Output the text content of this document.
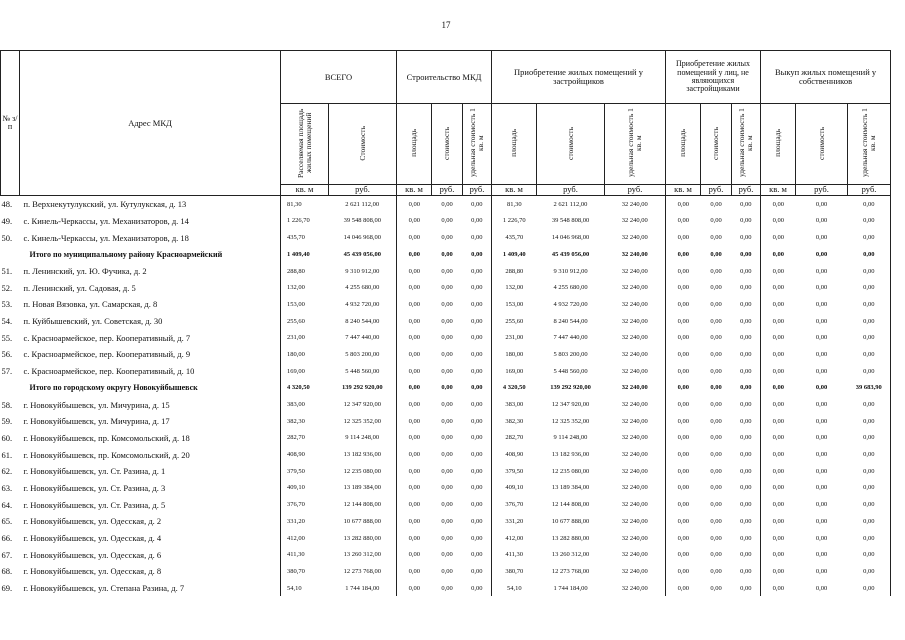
17
№ з/п	Адрес МКД	ВСЕГО		Строительство МКД			Приобретение жилых помещений у застройщиков			Приобретение жилых помещений у лиц, не являющихся застройщиками			Выкуп жилых помещений у собственников		
		Расселяемая площадь жилых помещений	Стоимость	площадь	стоимость	удельная стоимость 1 кв. м	площадь	стоимость	удельная стоимость 1 кв. м	площадь	стоимость	удельная стоимость 1 кв. м	площадь	стоимость	удельная стоимость 1 кв. м
		кв. м	руб.	кв. м	руб.	руб.	кв. м	руб.	руб.	кв. м	руб.	руб.	кв. м	руб.	руб.
48.	п. Верхнекутулукский, ул. Кутулукская, д. 13	81,30	2 621 112,00	0,00	0,00	0,00	81,30	2 621 112,00	32 240,00	0,00	0,00	0,00	0,00	0,00	0,00
49.	с. Кинель-Черкассы, ул. Механизаторов, д. 14	1 226,70	39 548 808,00	0,00	0,00	0,00	1 226,70	39 548 808,00	32 240,00	0,00	0,00	0,00	0,00	0,00	0,00
50.	с. Кинель-Черкассы, ул. Механизаторов, д. 18	435,70	14 046 968,00	0,00	0,00	0,00	435,70	14 046 968,00	32 240,00	0,00	0,00	0,00	0,00	0,00	0,00
	Итого по муниципальному району Красноармейский	1 409,40	45 439 056,00	0,00	0,00	0,00	1 409,40	45 439 056,00	32 240,00	0,00	0,00	0,00	0,00	0,00	0,00
51.	п. Ленинский, ул. Ю. Фучика, д. 2	288,80	9 310 912,00	0,00	0,00	0,00	288,80	9 310 912,00	32 240,00	0,00	0,00	0,00	0,00	0,00	0,00
52.	п. Ленинский, ул. Садовая, д. 5	132,00	4 255 680,00	0,00	0,00	0,00	132,00	4 255 680,00	32 240,00	0,00	0,00	0,00	0,00	0,00	0,00
53.	п. Новая Вязовка, ул. Самарская, д. 8	153,00	4 932 720,00	0,00	0,00	0,00	153,00	4 932 720,00	32 240,00	0,00	0,00	0,00	0,00	0,00	0,00
54.	п. Куйбышевский, ул. Советская, д. 30	255,60	8 240 544,00	0,00	0,00	0,00	255,60	8 240 544,00	32 240,00	0,00	0,00	0,00	0,00	0,00	0,00
55.	с. Красноармейское, пер. Кооперативный, д. 7	231,00	7 447 440,00	0,00	0,00	0,00	231,00	7 447 440,00	32 240,00	0,00	0,00	0,00	0,00	0,00	0,00
56.	с. Красноармейское, пер. Кооперативный, д. 9	180,00	5 803 200,00	0,00	0,00	0,00	180,00	5 803 200,00	32 240,00	0,00	0,00	0,00	0,00	0,00	0,00
57.	с. Красноармейское, пер. Кооперативный, д. 10	169,00	5 448 560,00	0,00	0,00	0,00	169,00	5 448 560,00	32 240,00	0,00	0,00	0,00	0,00	0,00	0,00
	Итого по городскому округу Новокуйбышевск	4 320,50	139 292 920,00	0,00	0,00	0,00	4 320,50	139 292 920,00	32 240,00	0,00	0,00	0,00	0,00	0,00	39 683,90
58.	г. Новокуйбышевск, ул. Мичурина, д. 15	383,00	12 347 920,00	0,00	0,00	0,00	383,00	12 347 920,00	32 240,00	0,00	0,00	0,00	0,00	0,00	0,00
59.	г. Новокуйбышевск, ул. Мичурина, д. 17	382,30	12 325 352,00	0,00	0,00	0,00	382,30	12 325 352,00	32 240,00	0,00	0,00	0,00	0,00	0,00	0,00
60.	г. Новокуйбышевск, пр. Комсомольский, д. 18	282,70	9 114 248,00	0,00	0,00	0,00	282,70	9 114 248,00	32 240,00	0,00	0,00	0,00	0,00	0,00	0,00
61.	г. Новокуйбышевск, пр. Комсомольский, д. 20	408,90	13 182 936,00	0,00	0,00	0,00	408,90	13 182 936,00	32 240,00	0,00	0,00	0,00	0,00	0,00	0,00
62.	г. Новокуйбышевск, ул. Ст. Разина, д. 1	379,50	12 235 080,00	0,00	0,00	0,00	379,50	12 235 080,00	32 240,00	0,00	0,00	0,00	0,00	0,00	0,00
63.	г. Новокуйбышевск, ул. Ст. Разина, д. 3	409,10	13 189 384,00	0,00	0,00	0,00	409,10	13 189 384,00	32 240,00	0,00	0,00	0,00	0,00	0,00	0,00
64.	г. Новокуйбышевск, ул. Ст. Разина, д. 5	376,70	12 144 808,00	0,00	0,00	0,00	376,70	12 144 808,00	32 240,00	0,00	0,00	0,00	0,00	0,00	0,00
65.	г. Новокуйбышевск, ул. Одесская, д. 2	331,20	10 677 888,00	0,00	0,00	0,00	331,20	10 677 888,00	32 240,00	0,00	0,00	0,00	0,00	0,00	0,00
66.	г. Новокуйбышевск, ул. Одесская, д. 4	412,00	13 282 880,00	0,00	0,00	0,00	412,00	13 282 880,00	32 240,00	0,00	0,00	0,00	0,00	0,00	0,00
67.	г. Новокуйбышевск, ул. Одесская, д. 6	411,30	13 260 312,00	0,00	0,00	0,00	411,30	13 260 312,00	32 240,00	0,00	0,00	0,00	0,00	0,00	0,00
68.	г. Новокуйбышевск, ул. Одесская, д. 8	380,70	12 273 768,00	0,00	0,00	0,00	380,70	12 273 768,00	32 240,00	0,00	0,00	0,00	0,00	0,00	0,00
69.	г. Новокуйбышевск, ул. Степана Разина, д. 7	54,10	1 744 184,00	0,00	0,00	0,00	54,10	1 744 184,00	32 240,00	0,00	0,00	0,00	0,00	0,00	0,00
